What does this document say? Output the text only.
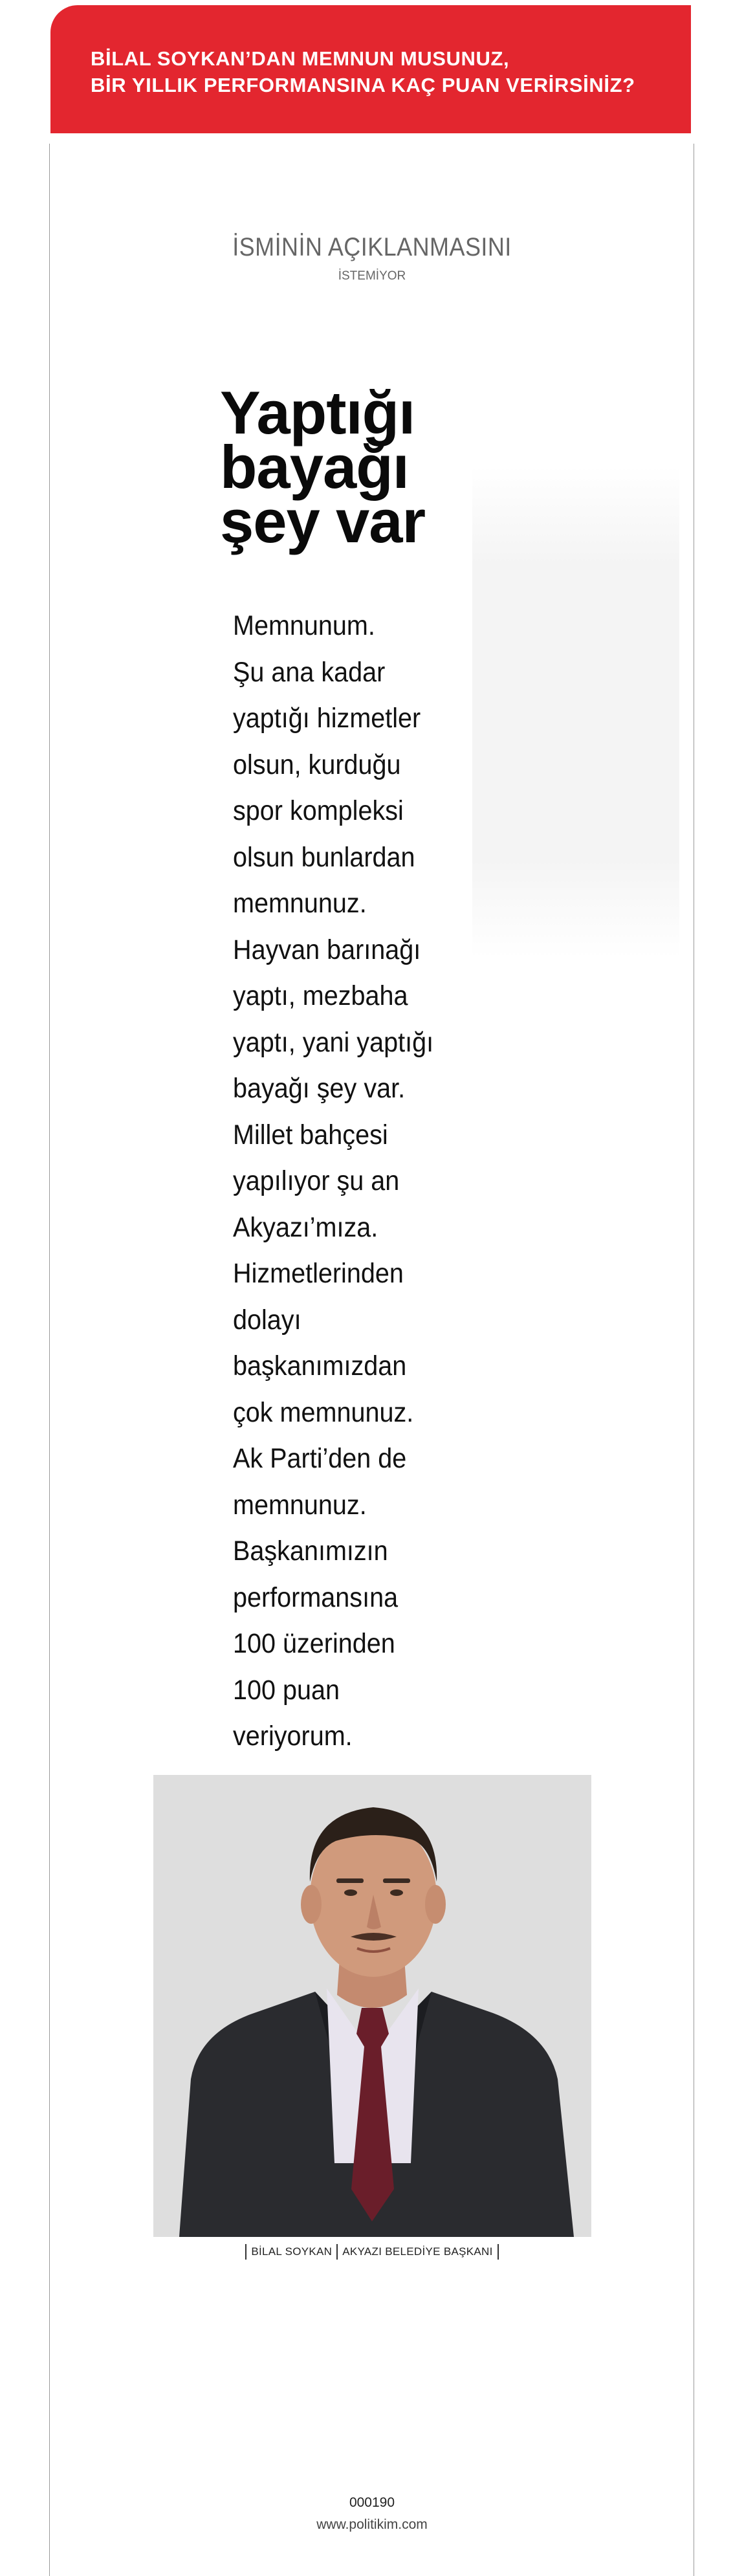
BİLAL SOYKAN’DAN MEMNUN MUSUNUZ,
BİR YILLIK PERFORMANSINA KAÇ PUAN VERİRSİNİZ?
İSMİNİN AÇIKLANMASINI
İSTEMİYOR
Yaptığı
bayağı
şey var
Memnunum.
Şu ana kadar
yaptığı hizmetler
olsun, kurduğu
spor kompleksi
olsun bunlardan
memnunuz.
Hayvan barınağı
yaptı, mezbaha
yaptı, yani yaptığı
bayağı şey var.
Millet bahçesi
yapılıyor şu an
Akyazı’mıza.
Hizmetlerinden
dolayı
başkanımızdan
çok memnunuz.
Ak Parti’den de
memnunuz.
Başkanımızın
performansına
100 üzerinden
100 puan
veriyorum.
BİLAL SOYKAN AKYAZI BELEDİYE BAŞKANI
000190
www.politikim.com
